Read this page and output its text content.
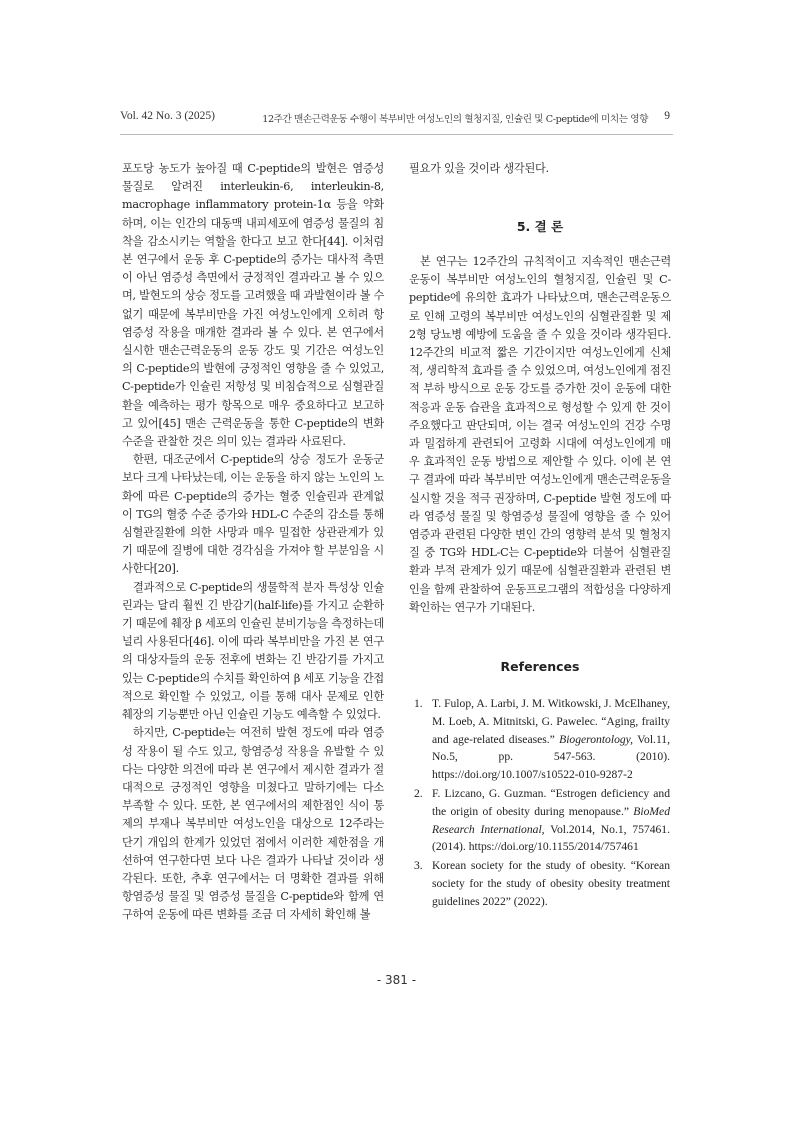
Vol. 42 No. 3 (2025)	12주간 맨손근력운동 수행이 복부비만 여성노인의 혈청지질, 인슐린 및 C-peptide에 미치는 영향 9

포도당 농도가 높아질 때 C-peptide의 발현은 염증성 물질로 알려진 interleukin-6, interleukin-8, macrophage inflammatory protein-1α 등을 약화하며, 이는 인간의 대동맥 내피세포에 염증성 물질의 침착을 감소시키는 역할을 한다고 보고 한다[44]. 이처럼 본 연구에서 운동 후 C-peptide의 증가는 대사적 측면이 아닌 염증성 측면에서 긍정적인 결과라고 볼 수 있으며, 발현도의 상승 정도를 고려했을 때 과발현이라 볼 수 없기 때문에 복부비만을 가진 여성노인에게 오히려 항염증성 작용을 매개한 결과라 볼 수 있다. 본 연구에서 실시한 맨손근력운동의 운동 강도 및 기간은 여성노인의 C-peptide의 발현에 긍정적인 영향을 줄 수 있었고, C-peptide가 인슐린 저항성 및 비침습적으로 심혈관질환을 예측하는 평가 항목으로 매우 중요하다고 보고하고 있어[45] 맨손 근력운동을 통한 C-peptide의 변화 수준을 관찰한 것은 의미 있는 결과라 사료된다.

한편, 대조군에서 C-peptide의 상승 정도가 운동군보다 크게 나타났는데, 이는 운동을 하지 않는 노인의 노화에 따른 C-peptide의 증가는 혈중 인슐린과 관계없이 TG의 혈중 수준 증가와 HDL-C 수준의 감소를 통해 심혈관질환에 의한 사망과 매우 밀접한 상관관계가 있기 때문에 질병에 대한 경각심을 가져야 할 부분임을 시사한다[20].

결과적으로 C-peptide의 생물학적 분자 특성상 인슐린과는 달리 훨씬 긴 반감기(half-life)를 가지고 순환하기 때문에 췌장 β 세포의 인슐린 분비기능을 측정하는데 널리 사용된다[46]. 이에 따라 복부비만을 가진 본 연구의 대상자들의 운동 전후에 변화는 긴 반감기를 가지고 있는 C-peptide의 수치를 확인하여 β 세포 기능을 간접적으로 확인할 수 있었고, 이를 통해 대사 문제로 인한 췌장의 기능뿐만 아닌 인슐린 기능도 예측할 수 있었다.

하지만, C-peptide는 여전히 발현 정도에 따라 염증성 작용이 될 수도 있고, 항염증성 작용을 유발할 수 있다는 다양한 의견에 따라 본 연구에서 제시한 결과가 절대적으로 긍정적인 영향을 미쳤다고 말하기에는 다소 부족할 수 있다. 또한, 본 연구에서의 제한점인 식이 통제의 부재나 복부비만 여성노인을 대상으로 12주라는 단기 개입의 한계가 있었던 점에서 이러한 제한점을 개선하여 연구한다면 보다 나은 결과가 나타날 것이라 생각된다. 또한, 추후 연구에서는 더 명확한 결과를 위해 항염증성 물질 및 염증성 물질을 C-peptide와 함께 연구하여 운동에 따른 변화를 조금 더 자세히 확인해 볼

필요가 있을 것이라 생각된다.

5. 결 론

본 연구는 12주간의 규칙적이고 지속적인 맨손근력운동이 복부비만 여성노인의 혈청지질, 인슐린 및 C-peptide에 유의한 효과가 나타났으며, 맨손근력운동으로 인해 고령의 복부비만 여성노인의 심혈관질환 및 제 2형 당뇨병 예방에 도움을 줄 수 있을 것이라 생각된다. 12주간의 비교적 짧은 기간이지만 여성노인에게 신체적, 생리학적 효과를 줄 수 있었으며, 여성노인에게 점진적 부하 방식으로 운동 강도를 증가한 것이 운동에 대한 적응과 운동 습관을 효과적으로 형성할 수 있게 한 것이 주요했다고 판단되며, 이는 결국 여성노인의 건강 수명과 밀접하게 관련되어 고령화 시대에 여성노인에게 매우 효과적인 운동 방법으로 제안할 수 있다. 이에 본 연구 결과에 따라 복부비만 여성노인에게 맨손근력운동을 실시할 것을 적극 권장하며, C-peptide 발현 정도에 따라 염증성 물질 및 항염증성 물질에 영향을 줄 수 있어 염증과 관련된 다양한 변인 간의 영향력 분석 및 혈청지질 중 TG와 HDL-C는 C-peptide와 더불어 심혈관질환과 부적 관계가 있기 때문에 심혈관질환과 관련된 변인을 함께 관찰하여 운동프로그램의 적합성을 다양하게 확인하는 연구가 기대된다.

References
1. T. Fulop, A. Larbi, J. M. Witkowski, J. McElhaney, M. Loeb, A. Mitnitski, G. Pawelec. “Aging, frailty and age-related diseases.” Biogerontology, Vol.11, No.5, pp. 547-563. (2010). https://doi.org/10.1007/s10522-010-9287-2
2. F. Lizcano, G. Guzman. “Estrogen deficiency and the origin of obesity during menopause.” BioMed Research International, Vol.2014, No.1, 757461. (2014). https://doi.org/10.1155/2014/757461
3. Korean society for the study of obesity. “Korean society for the study of obesity obesity treatment guidelines 2022” (2022).
- 381 -
